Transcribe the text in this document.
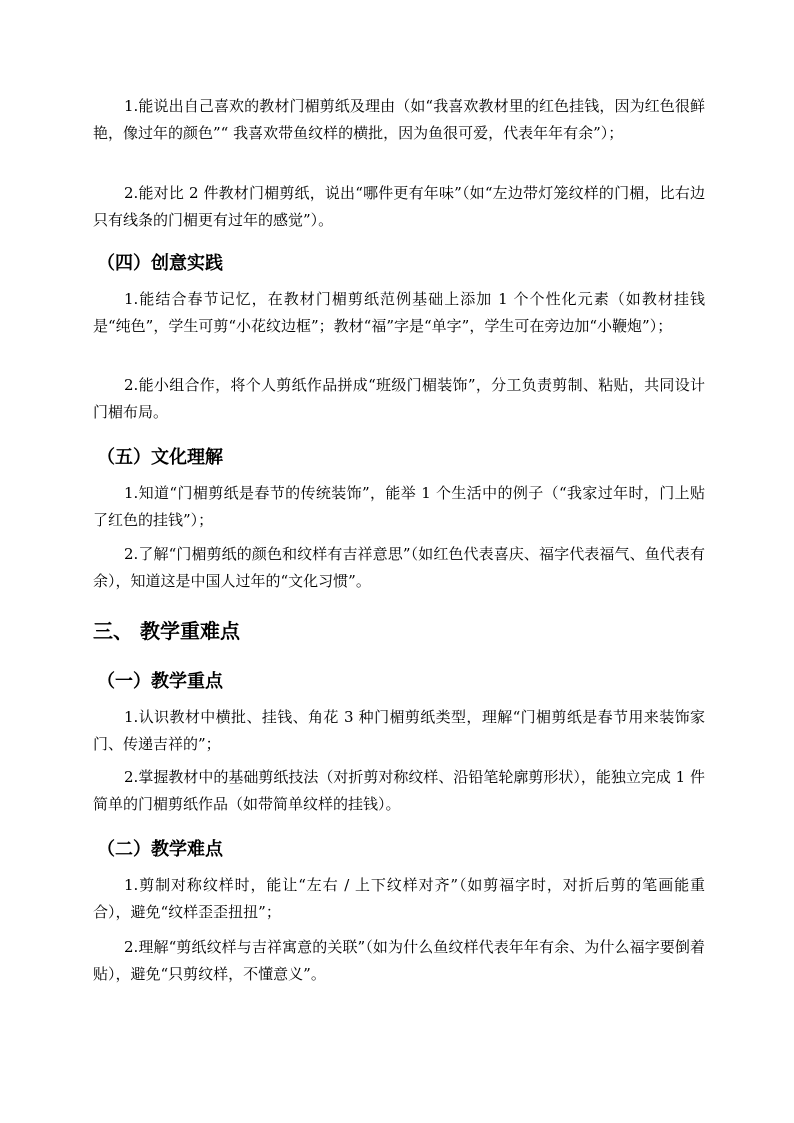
1.能说出自己喜欢的教材门楣剪纸及理由（如“我喜欢教材里的红色挂钱，因为红色很鲜艳，像过年的颜色”“ 我喜欢带鱼纹样的横批，因为鱼很可爱，代表年年有余”）；

2.能对比 2 件教材门楣剪纸，说出“哪件更有年味”（如“左边带灯笼纹样的门楣，比右边只有线条的门楣更有过年的感觉”）。

（四）创意实践

1.能结合春节记忆，在教材门楣剪纸范例基础上添加 1 个个性化元素（如教材挂钱是“纯色”，学生可剪“小花纹边框”；教材“福”字是“单字”，学生可在旁边加“小鞭炮”）；

2.能小组合作，将个人剪纸作品拼成“班级门楣装饰”，分工负责剪制、粘贴，共同设计门楣布局。

（五）文化理解

1.知道“门楣剪纸是春节的传统装饰”，能举 1 个生活中的例子（“我家过年时，门上贴了红色的挂钱”）；

2.了解“门楣剪纸的颜色和纹样有吉祥意思”（如红色代表喜庆、福字代表福气、鱼代表有余），知道这是中国人过年的“文化习惯”。

三、 教学重难点
（一）教学重点

1.认识教材中横批、挂钱、角花 3 种门楣剪纸类型，理解“门楣剪纸是春节用来装饰家门、传递吉祥的”；

2.掌握教材中的基础剪纸技法（对折剪对称纹样、沿铅笔轮廓剪形状），能独立完成 1 件简单的门楣剪纸作品（如带简单纹样的挂钱）。

（二）教学难点

1.剪制对称纹样时，能让“左右 / 上下纹样对齐”（如剪福字时，对折后剪的笔画能重合），避免“纹样歪歪扭扭”；

2.理解“剪纸纹样与吉祥寓意的关联”（如为什么鱼纹样代表年年有余、为什么福字要倒着贴），避免“只剪纹样，不懂意义”。
